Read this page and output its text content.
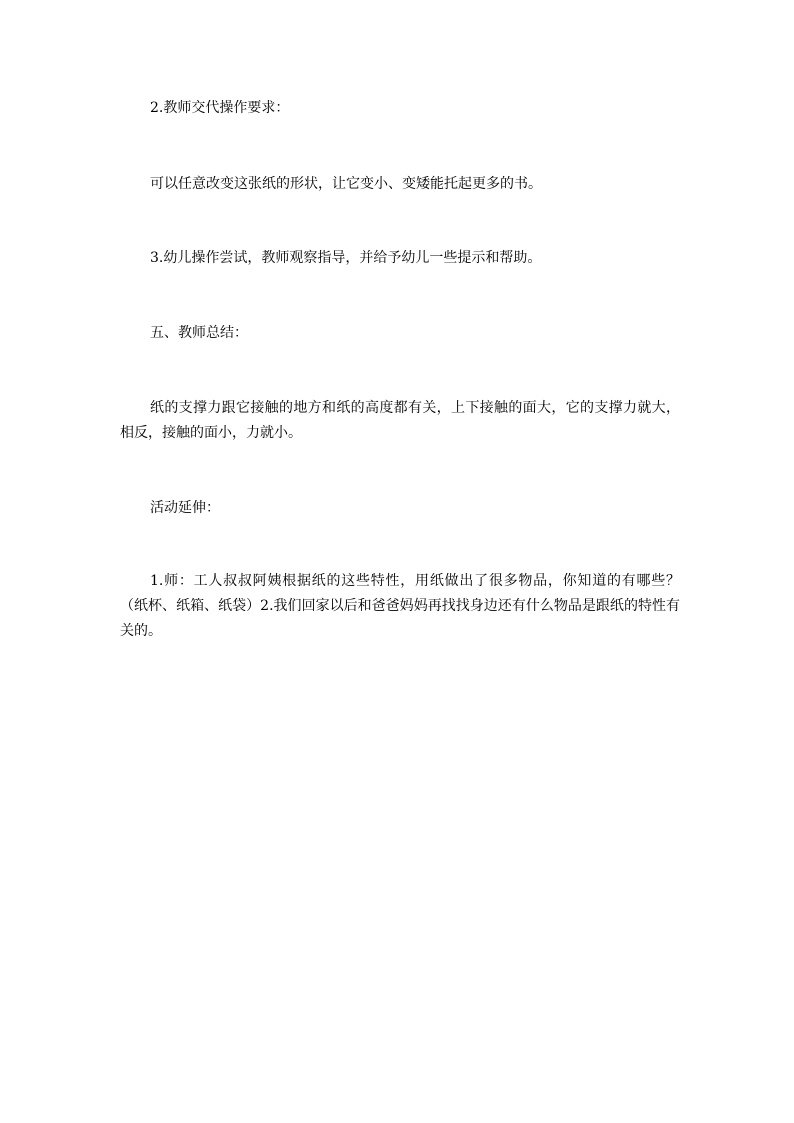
2.教师交代操作要求：

可以任意改变这张纸的形状，让它变小、变矮能托起更多的书。

3.幼儿操作尝试，教师观察指导，并给予幼儿一些提示和帮助。

五、教师总结：

纸的支撑力跟它接触的地方和纸的高度都有关，上下接触的面大，它的支撑力就大，相反，接触的面小，力就小。

活动延伸：

1.师：工人叔叔阿姨根据纸的这些特性，用纸做出了很多物品，你知道的有哪些？（纸杯、纸箱、纸袋）2.我们回家以后和爸爸妈妈再找找身边还有什么物品是跟纸的特性有关的。
